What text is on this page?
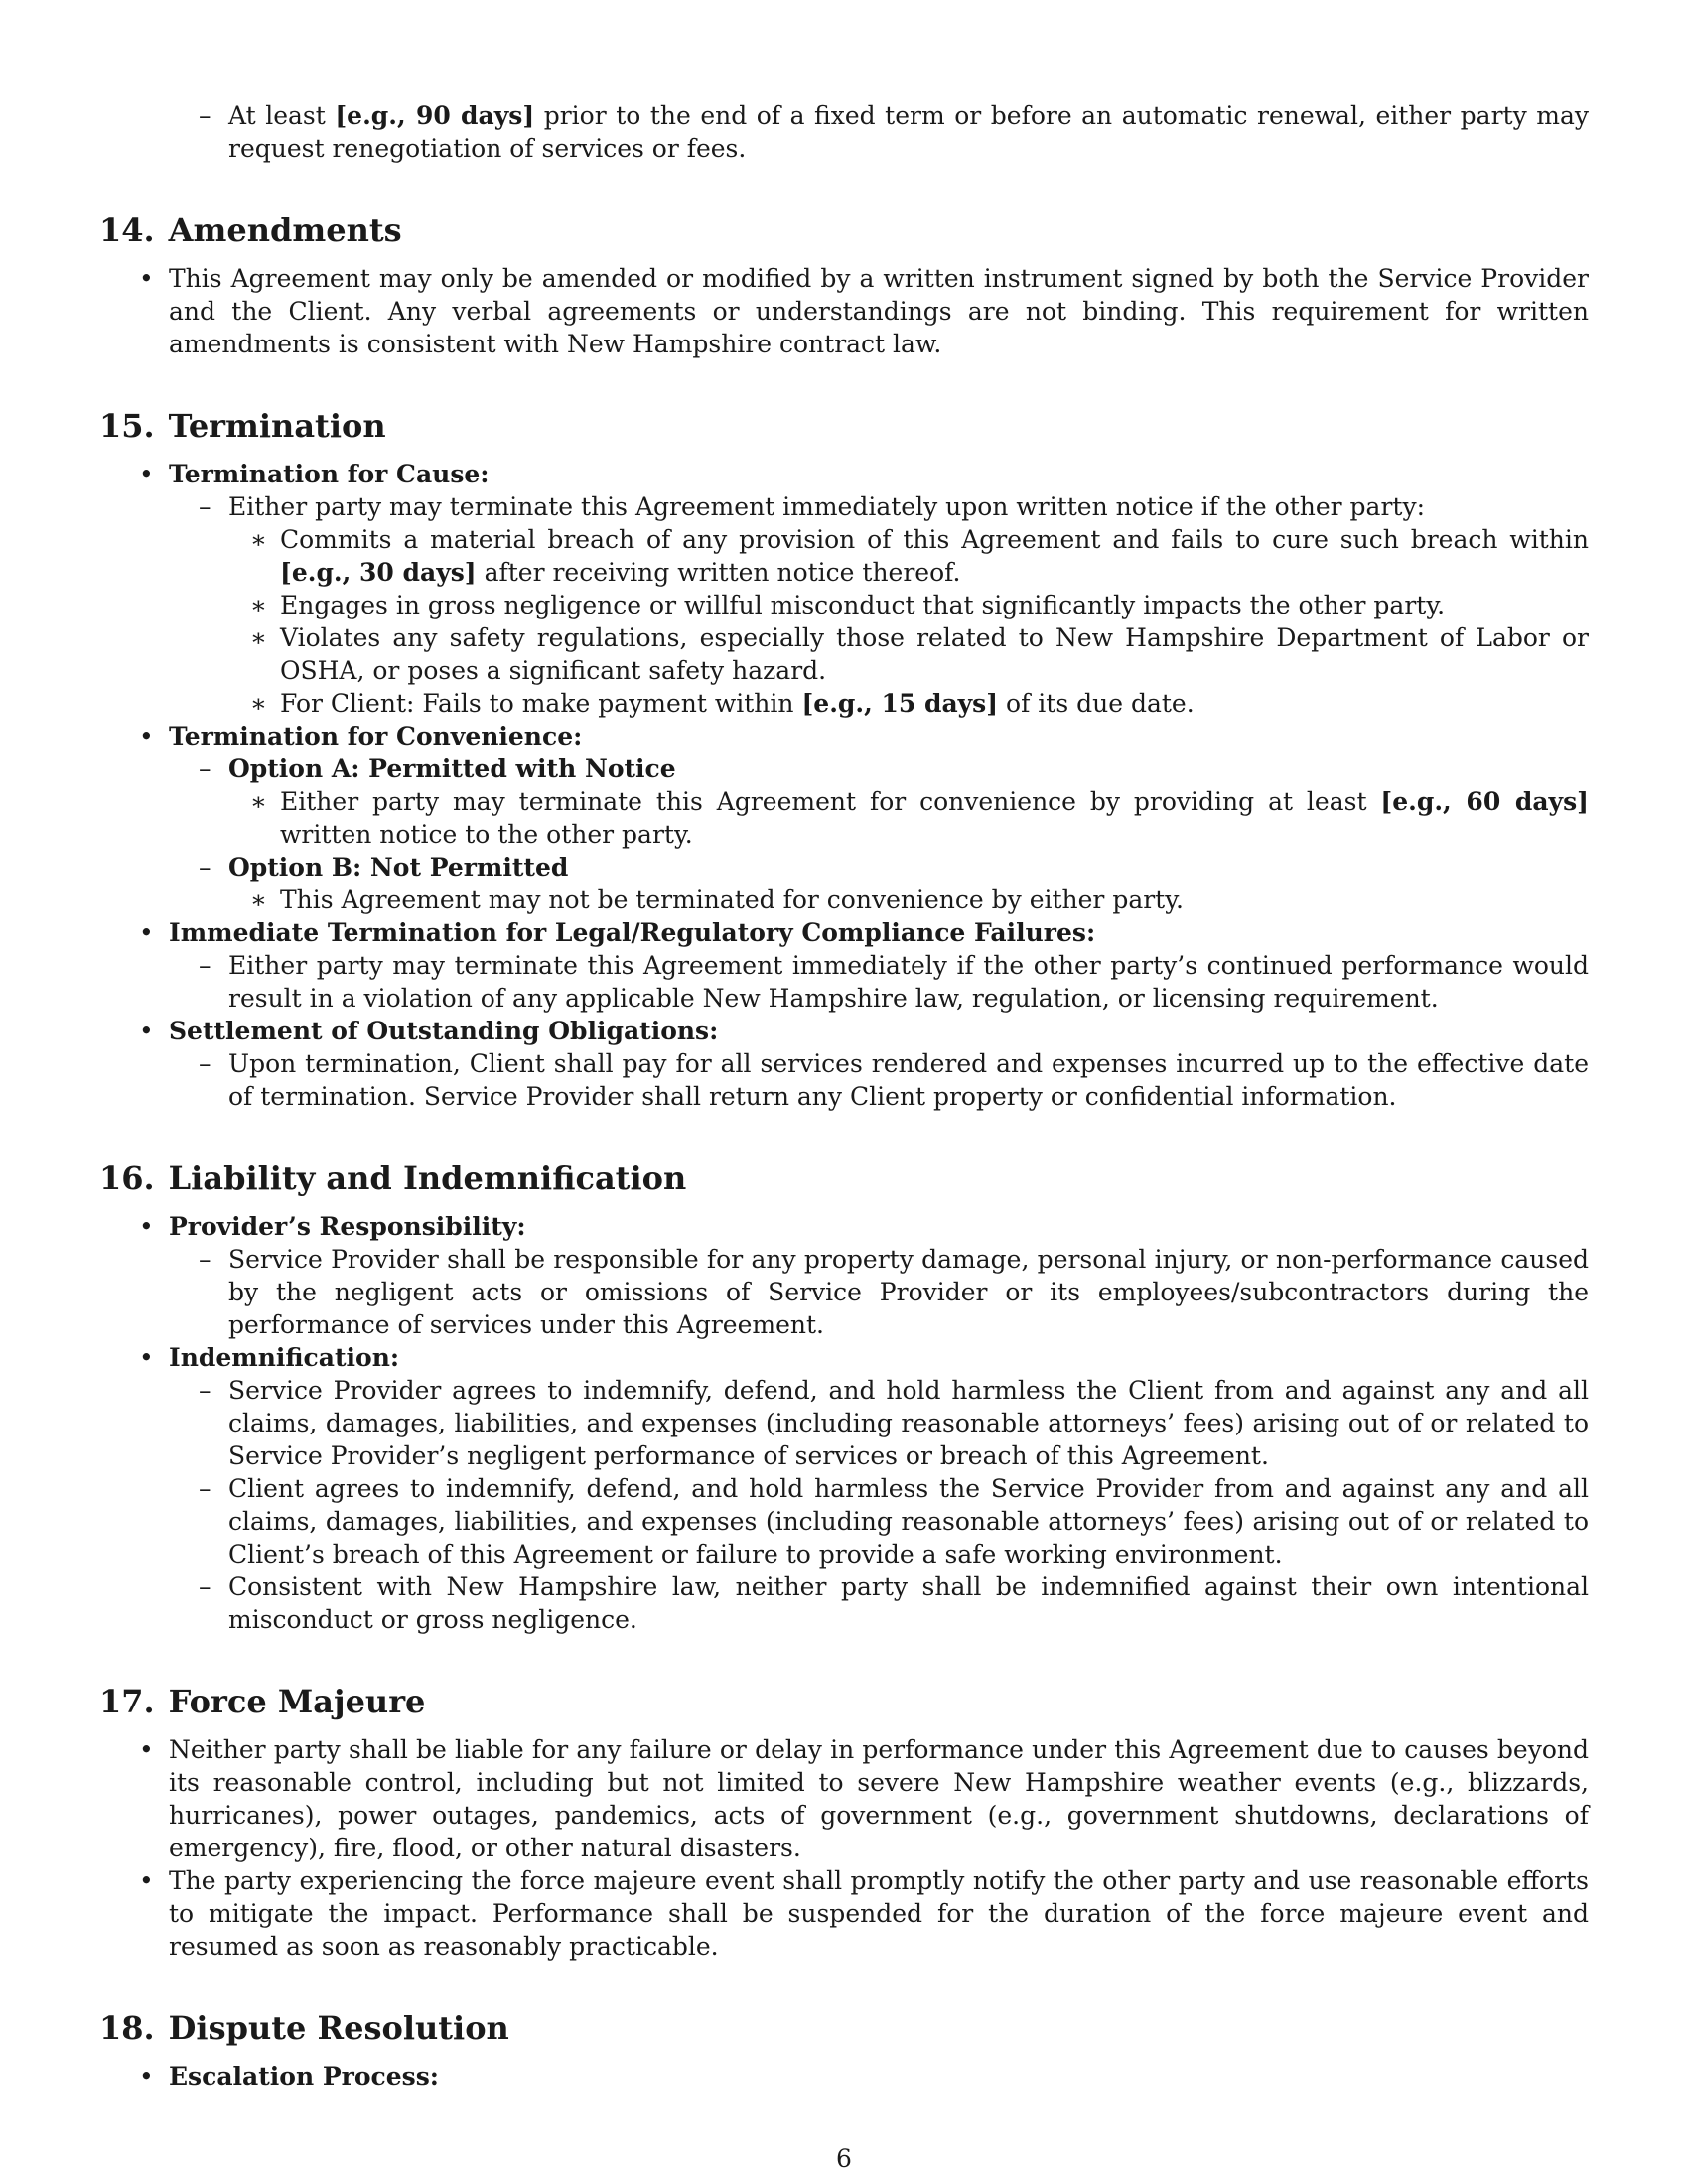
– At least [e.g., 90 days] prior to the end of a fixed term or before an automatic renewal, either party may request renegotiation of services or fees.
14. Amendments
• This Agreement may only be amended or modified by a written instrument signed by both the Service Provider and the Client. Any verbal agreements or understandings are not binding. This requirement for written amendments is consistent with New Hampshire contract law.
15. Termination
• Termination for Cause:
– Either party may terminate this Agreement immediately upon written notice if the other party:
∗ Commits a material breach of any provision of this Agreement and fails to cure such breach within [e.g., 30 days] after receiving written notice thereof.
∗ Engages in gross negligence or willful misconduct that significantly impacts the other party.
∗ Violates any safety regulations, especially those related to New Hampshire Department of Labor or OSHA, or poses a significant safety hazard.
∗ For Client: Fails to make payment within [e.g., 15 days] of its due date.
• Termination for Convenience:
– Option A: Permitted with Notice
∗ Either party may terminate this Agreement for convenience by providing at least [e.g., 60 days] written notice to the other party.
– Option B: Not Permitted
∗ This Agreement may not be terminated for convenience by either party.
• Immediate Termination for Legal/Regulatory Compliance Failures:
– Either party may terminate this Agreement immediately if the other party’s continued performance would result in a violation of any applicable New Hampshire law, regulation, or licensing requirement.
• Settlement of Outstanding Obligations:
– Upon termination, Client shall pay for all services rendered and expenses incurred up to the effective date of termination. Service Provider shall return any Client property or confidential information.
16. Liability and Indemnification
• Provider’s Responsibility:
– Service Provider shall be responsible for any property damage, personal injury, or non-performance caused by the negligent acts or omissions of Service Provider or its employees/subcontractors during the performance of services under this Agreement.
• Indemnification:
– Service Provider agrees to indemnify, defend, and hold harmless the Client from and against any and all claims, damages, liabilities, and expenses (including reasonable attorneys’ fees) arising out of or related to Service Provider’s negligent performance of services or breach of this Agreement.
– Client agrees to indemnify, defend, and hold harmless the Service Provider from and against any and all claims, damages, liabilities, and expenses (including reasonable attorneys’ fees) arising out of or related to Client’s breach of this Agreement or failure to provide a safe working environment.
– Consistent with New Hampshire law, neither party shall be indemnified against their own intentional misconduct or gross negligence.
17. Force Majeure
• Neither party shall be liable for any failure or delay in performance under this Agreement due to causes beyond its reasonable control, including but not limited to severe New Hampshire weather events (e.g., blizzards, hurricanes), power outages, pandemics, acts of government (e.g., government shutdowns, declarations of emergency), fire, flood, or other natural disasters.
• The party experiencing the force majeure event shall promptly notify the other party and use reasonable efforts to mitigate the impact. Performance shall be suspended for the duration of the force majeure event and resumed as soon as reasonably practicable.
18. Dispute Resolution
• Escalation Process:
6
